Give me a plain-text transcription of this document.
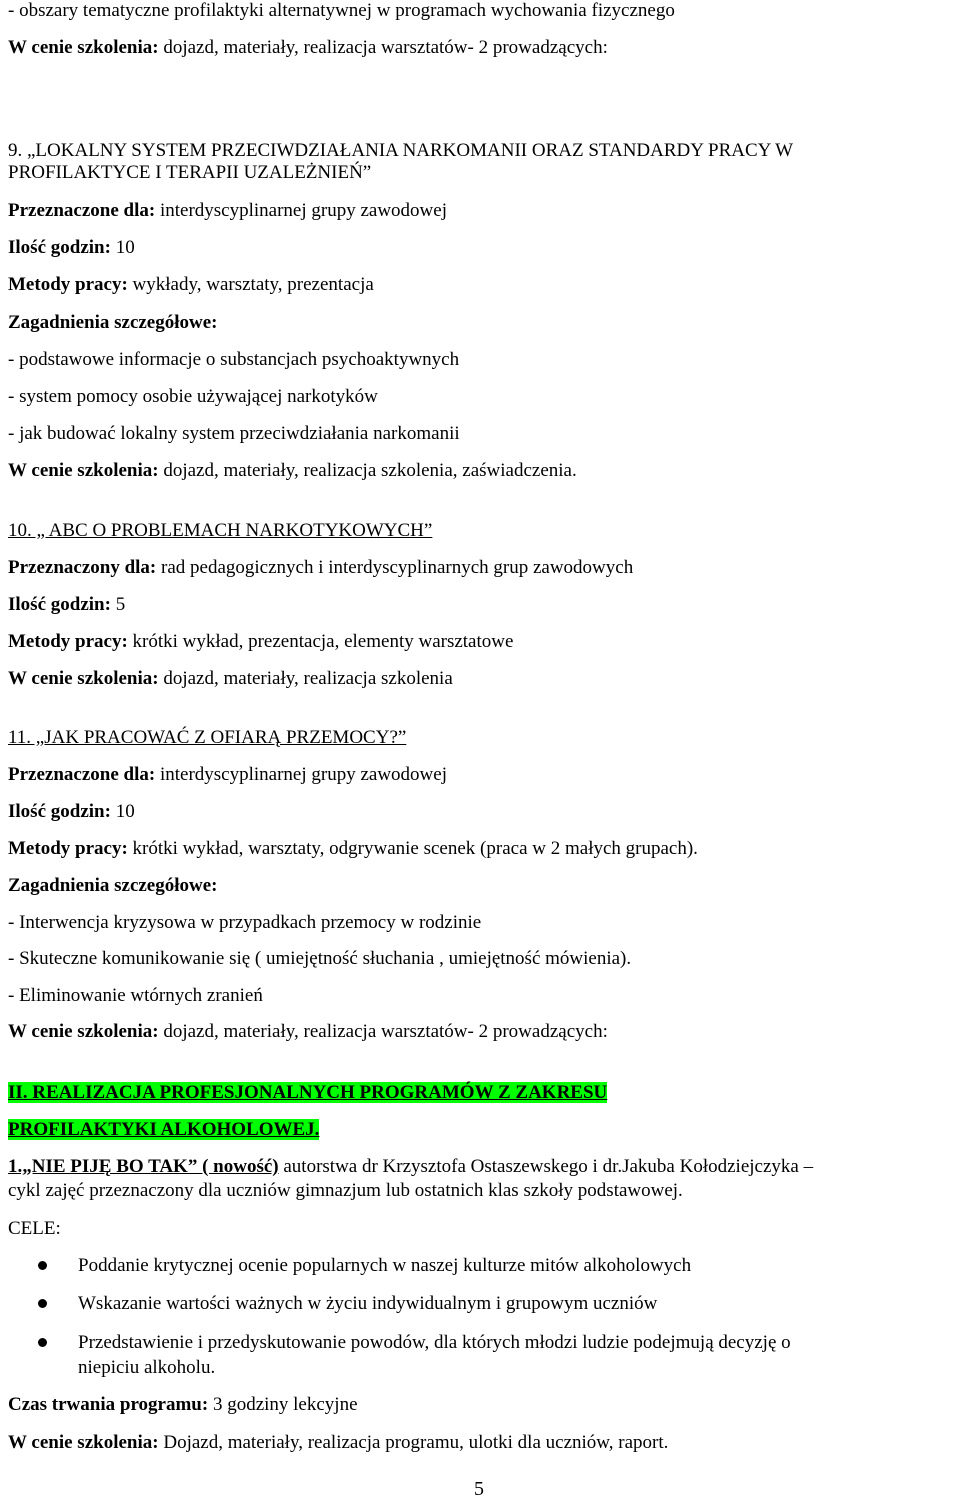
- obszary tematyczne profilaktyki alternatywnej w programach wychowania fizycznego
W cenie szkolenia: dojazd, materiały, realizacja warsztatów- 2 prowadzących:
9. „LOKALNY SYSTEM PRZECIWDZIAŁANIA NARKOMANII ORAZ STANDARDY PRACY W
PROFILAKTYCE I TERAPII UZALEŻNIEŃ”
Przeznaczone dla: interdyscyplinarnej grupy zawodowej
Ilość godzin: 10
Metody pracy: wykłady, warsztaty, prezentacja
Zagadnienia szczegółowe:
- podstawowe informacje o substancjach psychoaktywnych
- system pomocy osobie używającej narkotyków
- jak budować lokalny system przeciwdziałania narkomanii
W cenie szkolenia: dojazd, materiały, realizacja szkolenia, zaświadczenia.
10. „ ABC O PROBLEMACH NARKOTYKOWYCH”
Przeznaczony dla: rad pedagogicznych i interdyscyplinarnych grup zawodowych
Ilość godzin: 5
Metody pracy: krótki wykład, prezentacja, elementy warsztatowe
W cenie szkolenia: dojazd, materiały, realizacja szkolenia
11. „JAK PRACOWAĆ Z OFIARĄ PRZEMOCY?”
Przeznaczone dla: interdyscyplinarnej grupy zawodowej
Ilość godzin: 10
Metody pracy: krótki wykład, warsztaty, odgrywanie scenek (praca w 2 małych grupach).
Zagadnienia szczegółowe:
- Interwencja kryzysowa w przypadkach przemocy w rodzinie
- Skuteczne komunikowanie się ( umiejętność słuchania , umiejętność mówienia).
- Eliminowanie wtórnych zranień
W cenie szkolenia: dojazd, materiały, realizacja warsztatów- 2 prowadzących:
II. REALIZACJA PROFESJONALNYCH PROGRAMÓW Z ZAKRESU
PROFILAKTYKI ALKOHOLOWEJ.
1.„NIE PIJĘ BO TAK” ( nowość) autorstwa dr Krzysztofa Ostaszewskego i dr.Jakuba Kołodziejczyka –
cykl zajęć przeznaczony dla uczniów gimnazjum lub ostatnich klas szkoły podstawowej.
CELE:
Poddanie krytycznej ocenie popularnych w naszej kulturze mitów alkoholowych
Wskazanie wartości ważnych w życiu indywidualnym i grupowym uczniów
Przedstawienie i przedyskutowanie powodów, dla których młodzi ludzie podejmują decyzję o
niepiciu alkoholu.
Czas trwania programu: 3 godziny lekcyjne
W cenie szkolenia: Dojazd, materiały, realizacja programu, ulotki dla uczniów, raport.
5
